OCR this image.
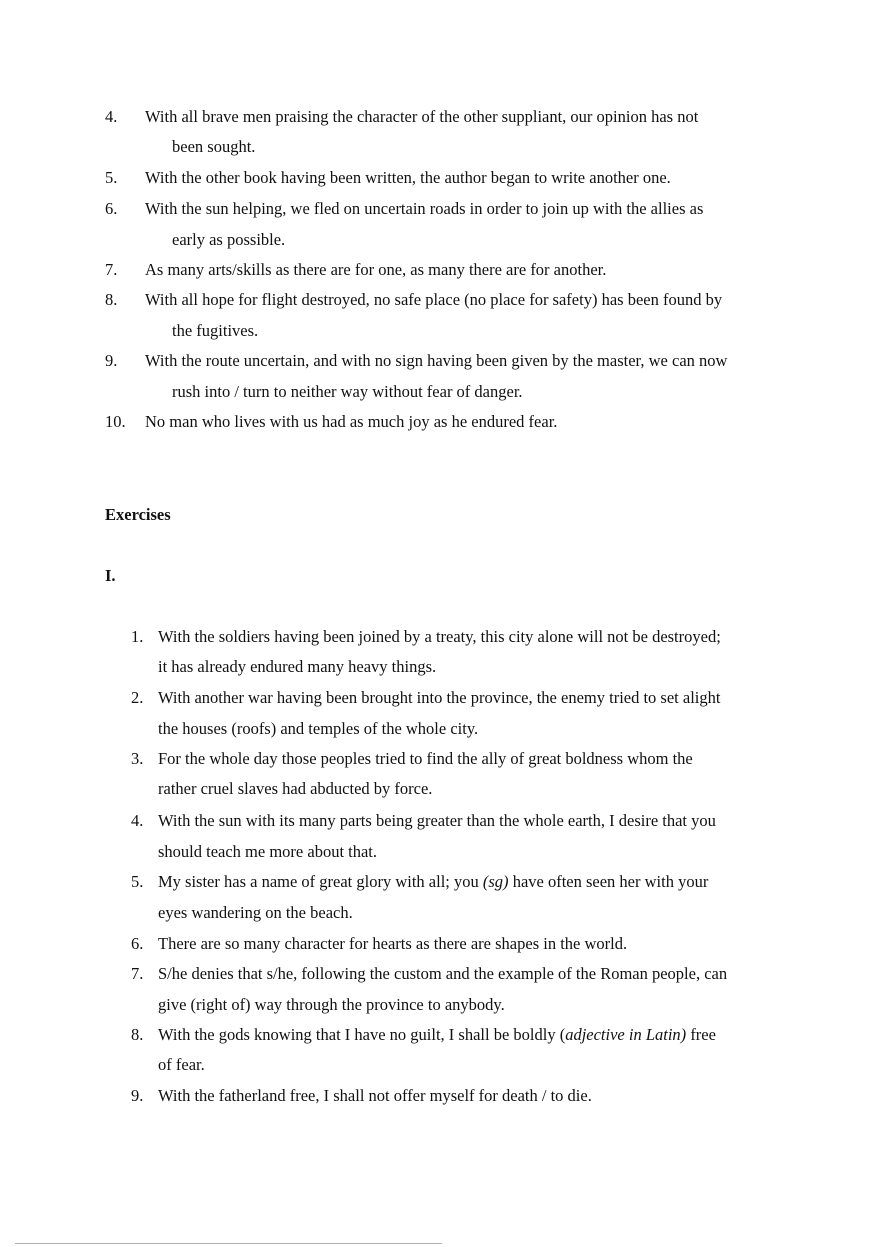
4. With all brave men praising the character of the other suppliant, our opinion has not
been sought.
5. With the other book having been written, the author began to write another one.
6. With the sun helping, we fled on uncertain roads in order to join up with the allies as
early as possible.
7. As many arts/skills as there are for one, as many there are for another.
8. With all hope for flight destroyed, no safe place (no place for safety) has been found by
the fugitives.
9. With the route uncertain, and with no sign having been given by the master, we can now
rush into / turn to neither way without fear of danger.
10. No man who lives with us had as much joy as he endured fear.
Exercises
I.
1. With the soldiers having been joined by a treaty, this city alone will not be destroyed;
it has already endured many heavy things.
2. With another war having been brought into the province, the enemy tried to set alight
the houses (roofs) and temples of the whole city.
3. For the whole day those peoples tried to find the ally of great boldness whom the
rather cruel slaves had abducted by force.
4. With the sun with its many parts being greater than the whole earth, I desire that you
should teach me more about that.
5. My sister has a name of great glory with all; you (sg) have often seen her with your
eyes wandering on the beach.
6. There are so many character for hearts as there are shapes in the world.
7. S/he denies that s/he, following the custom and the example of the Roman people, can
give (right of) way through the province to anybody.
8. With the gods knowing that I have no guilt, I shall be boldly (adjective in Latin) free
of fear.
9. With the fatherland free, I shall not offer myself for death / to die.
